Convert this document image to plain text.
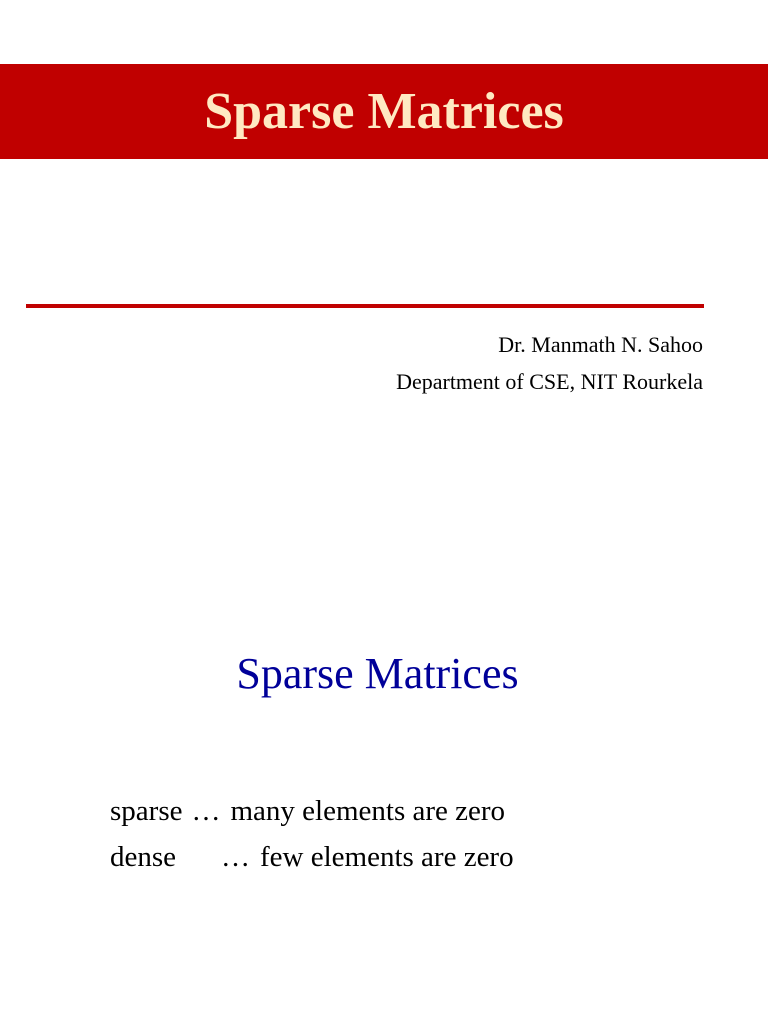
Sparse Matrices
Dr. Manmath N. Sahoo
Department of CSE, NIT Rourkela
Sparse Matrices
sparse … many elements are zero
dense	… few elements are zero
